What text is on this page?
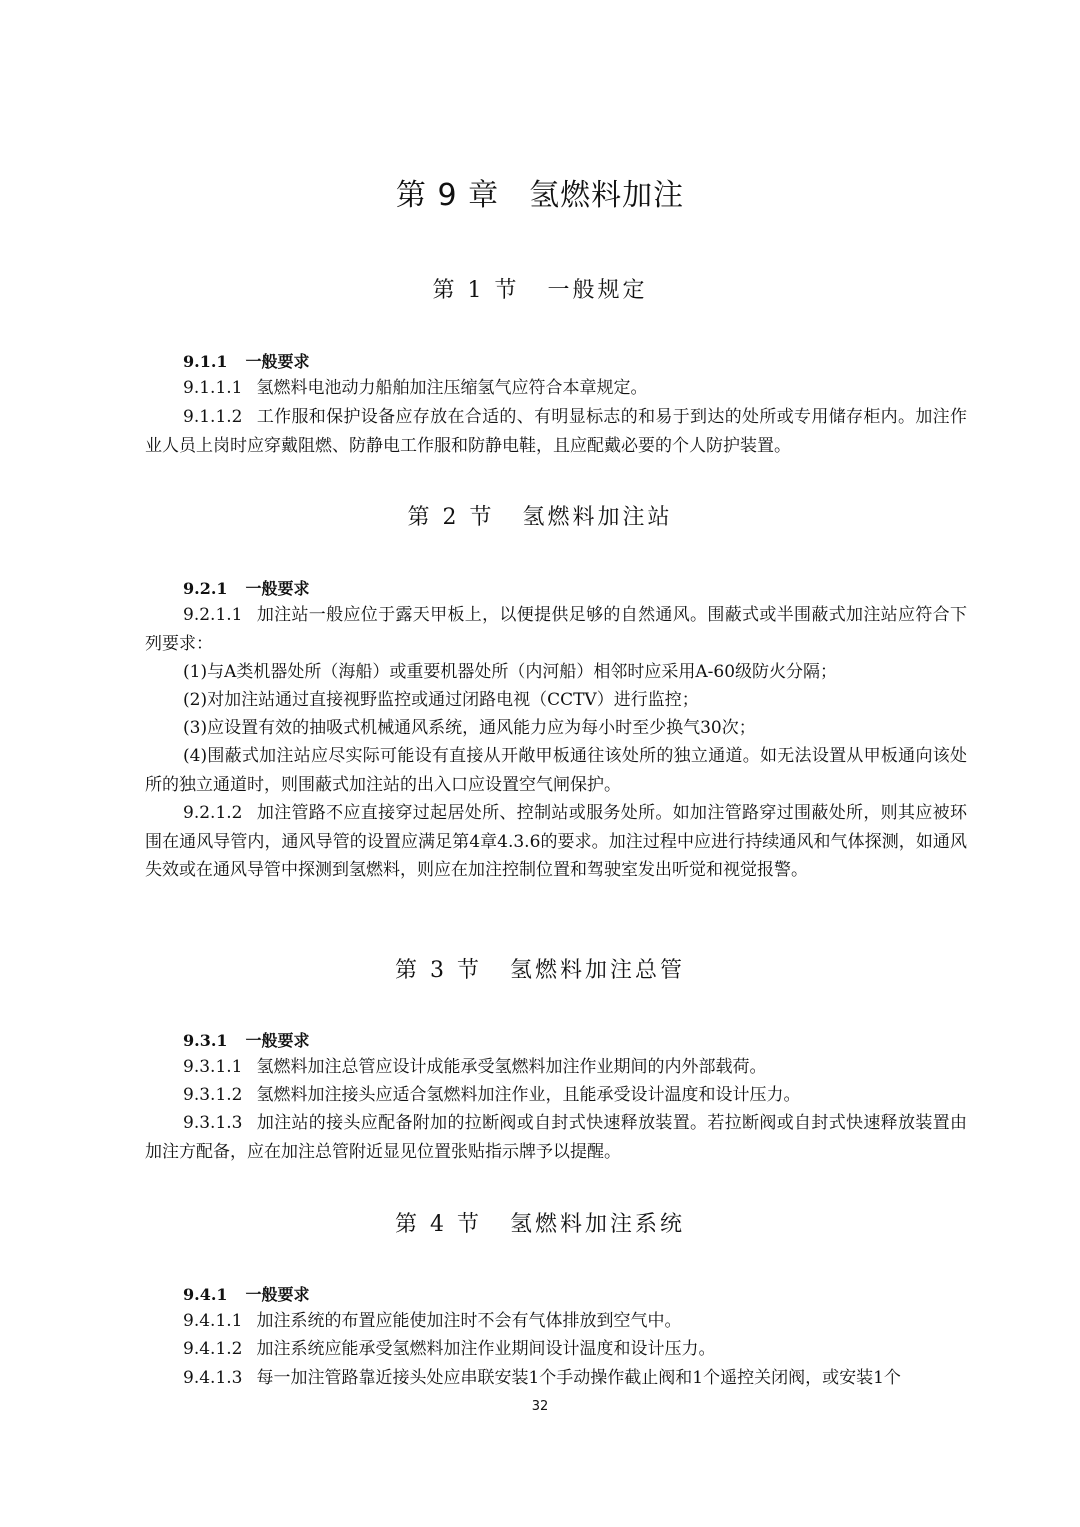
第 9 章 氢燃料加注
第 1 节 一般规定
9.1.1 一般要求
9.1.1.1 氢燃料电池动力船舶加注压缩氢气应符合本章规定。
9.1.1.2 工作服和保护设备应存放在合适的、有明显标志的和易于到达的处所或专用储存柜内。加注作业人员上岗时应穿戴阻燃、防静电工作服和防静电鞋，且应配戴必要的个人防护装置。
第 2 节 氢燃料加注站
9.2.1 一般要求
9.2.1.1 加注站一般应位于露天甲板上，以便提供足够的自然通风。围蔽式或半围蔽式加注站应符合下列要求：
(1)与A类机器处所（海船）或重要机器处所（内河船）相邻时应采用A-60级防火分隔；
(2)对加注站通过直接视野监控或通过闭路电视（CCTV）进行监控；
(3)应设置有效的抽吸式机械通风系统，通风能力应为每小时至少换气30次；
(4)围蔽式加注站应尽实际可能设有直接从开敞甲板通往该处所的独立通道。如无法设置从甲板通向该处所的独立通道时，则围蔽式加注站的出入口应设置空气闸保护。
9.2.1.2 加注管路不应直接穿过起居处所、控制站或服务处所。如加注管路穿过围蔽处所，则其应被环围在通风导管内，通风导管的设置应满足第4章4.3.6的要求。加注过程中应进行持续通风和气体探测，如通风失效或在通风导管中探测到氢燃料，则应在加注控制位置和驾驶室发出听觉和视觉报警。
第 3 节 氢燃料加注总管
9.3.1 一般要求
9.3.1.1 氢燃料加注总管应设计成能承受氢燃料加注作业期间的内外部载荷。
9.3.1.2 氢燃料加注接头应适合氢燃料加注作业，且能承受设计温度和设计压力。
9.3.1.3 加注站的接头应配备附加的拉断阀或自封式快速释放装置。若拉断阀或自封式快速释放装置由加注方配备，应在加注总管附近显见位置张贴指示牌予以提醒。
第 4 节 氢燃料加注系统
9.4.1 一般要求
9.4.1.1 加注系统的布置应能使加注时不会有气体排放到空气中。
9.4.1.2 加注系统应能承受氢燃料加注作业期间设计温度和设计压力。
9.4.1.3 每一加注管路靠近接头处应串联安装1个手动操作截止阀和1个遥控关闭阀，或安装1个
32
